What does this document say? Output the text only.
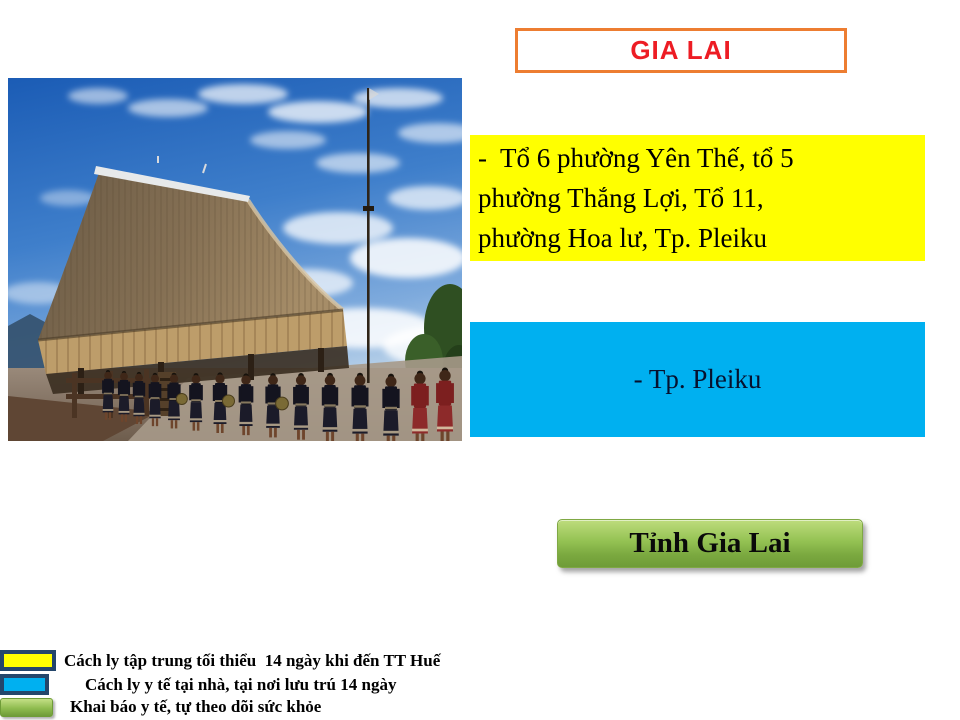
GIA LAI
-  Tổ 6 phường Yên Thế, tổ 5
phường Thắng Lợi, Tổ 11,
phường Hoa lư, Tp. Pleiku
- Tp. Pleiku
Tỉnh Gia Lai
Cách ly tập trung tối thiểu  14 ngày khi đến TT Huế
Cách ly y tế tại nhà, tại nơi lưu trú 14 ngày
Khai báo y tế, tự theo dõi sức khỏe
